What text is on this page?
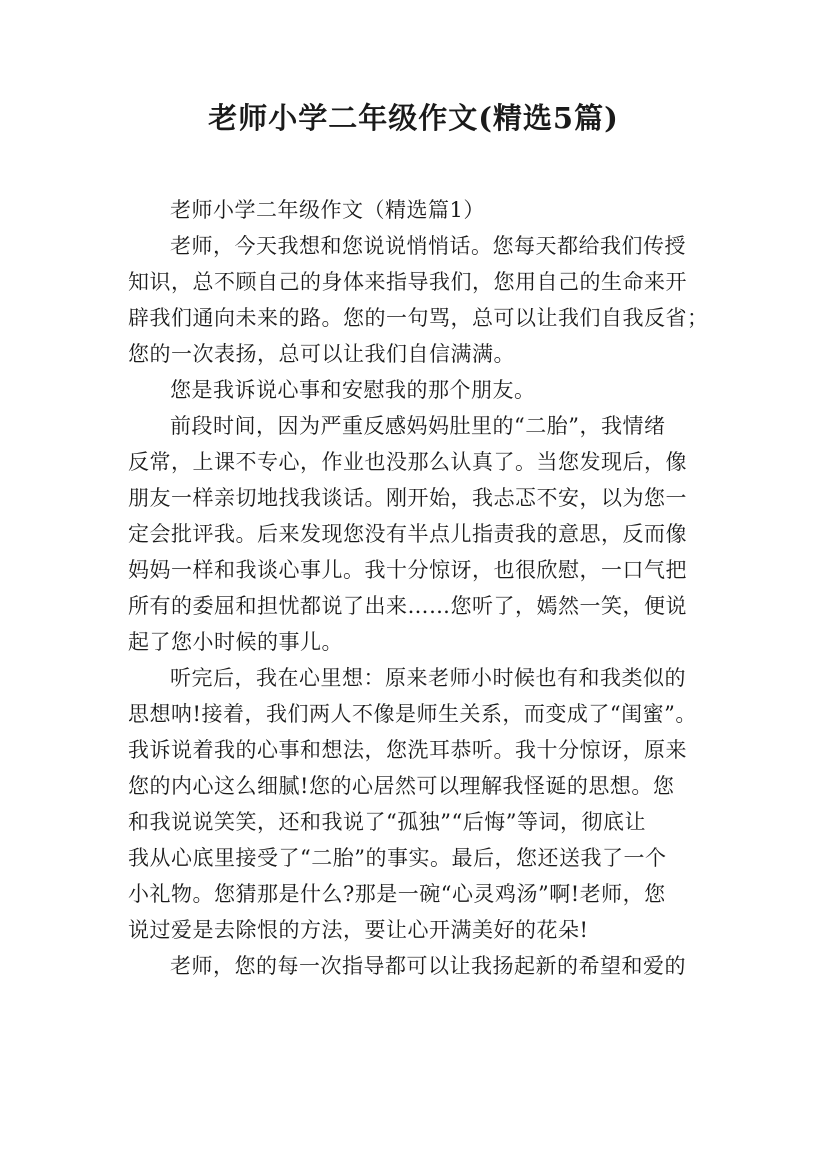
老师小学二年级作文(精选5篇)
老师小学二年级作文（精选篇1）
老师，今天我想和您说说悄悄话。您每天都给我们传授
知识，总不顾自己的身体来指导我们，您用自己的生命来开
辟我们通向未来的路。您的一句骂，总可以让我们自我反省；
您的一次表扬，总可以让我们自信满满。
您是我诉说心事和安慰我的那个朋友。
前段时间，因为严重反感妈妈肚里的“二胎”，我情绪
反常，上课不专心，作业也没那么认真了。当您发现后，像
朋友一样亲切地找我谈话。刚开始，我忐忑不安，以为您一
定会批评我。后来发现您没有半点儿指责我的意思，反而像
妈妈一样和我谈心事儿。我十分惊讶，也很欣慰，一口气把
所有的委屈和担忧都说了出来……您听了，嫣然一笑，便说
起了您小时候的事儿。
听完后，我在心里想：原来老师小时候也有和我类似的
思想呐!接着，我们两人不像是师生关系，而变成了“闺蜜”。
我诉说着我的心事和想法，您洗耳恭听。我十分惊讶，原来
您的内心这么细腻!您的心居然可以理解我怪诞的思想。您
和我说说笑笑，还和我说了“孤独”“后悔”等词，彻底让
我从心底里接受了“二胎”的事实。最后，您还送我了一个
小礼物。您猜那是什么?那是一碗“心灵鸡汤”啊!老师，您
说过爱是去除恨的方法，要让心开满美好的花朵!
老师，您的每一次指导都可以让我扬起新的希望和爱的
